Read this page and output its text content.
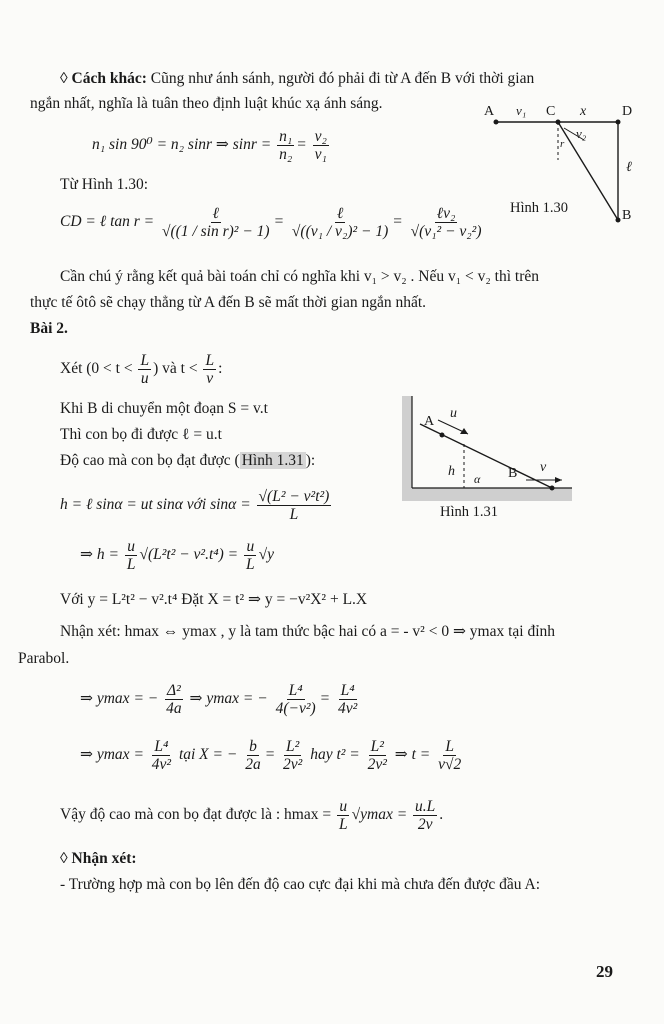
◊ Cách khác: Cũng như ánh sánh, người đó phải đi từ A đến B với thời gian
ngắn nhất, nghĩa là tuân theo định luật khúc xạ ánh sáng.	A v₁ C x	D
r
v₂
ℓ
B
Hình 1.30
n₁ sin 90⁰ = n₂ sinr ⇒ $\sin r = \frac{\text{n₁}}{\text{n₂}} = \frac{\text{v₂}}{\text{v₁}}$
Từ Hình 1.30:
CD = ℓ $\tan r = \frac{\text{ℓ}}{\text{√((1 / sin r)² − 1)}} = \frac{\text{ℓ}}{\text{√((v₁ / v₂)² − 1)}} = \frac{\text{ℓv₂}}{\text{√(v₁² − v₂²)}}$
Cần chú ý rằng kết quả bài toán chỉ có nghĩa khi v₁ > v₂ . Nếu v₁ < v₂ thì trên
thực tế ôtô sẽ chạy thẳng từ A đến B sẽ mất thời gian ngắn nhất.
Bài 2.
Xét ($0 < t < \frac{L}{u}$ ) và $t < \frac{L}{v}$ :
Khi B di chuyển một đoạn S = v.t
Thì con bọ đi được ℓ = u.t
Độ cao mà con bọ đạt được ( Hình 1.31 ):
A
u
h α B v
Hình 1.31
h = ℓ sinα = ut sinα với $\sin\alpha = \frac{\text{√(L² − v²t²)}}{L}$
⇒ $h = \frac{u}{L} √(L^2t^2 - v^2.t^4) = \frac{u}{L} √y$
Với y = L²t² − v².t⁴ Đặt X = t² ⇒ y = −v²X² + L.X
Nhận xét: hmax ⇔ ymax , y là tam thức bậc hai có a = - v² < 0 ⇒ ymax tại đỉnh
Parabol.
⇒ ymax = − $\frac{\text{Δ²}}{4a}$ ⇒ ymax = − $\frac{\text{L⁴}}{\text{4(−v²)}} = \frac{\text{L⁴}}{\text{4v²}}$
⇒ $ymax = \frac{\text{L⁴}}{\text{4v²}}$ tại X = − $\frac{b}{2a} = \frac{\text{L²}}{\text{2v²}}$ hay $t^2 = \frac{\text{L²}}{\text{2v²}}$ ⇒ $t = \frac{L}{v√2}$
Vậy độ cao mà con bọ đạt được là : $hmax = \frac{u}{L} √ymax = \frac{u.L}{2v}$ .
◊ Nhận xét:
- Trường hợp mà con bọ lên đến độ cao cực đại khi mà chưa đến được đầu A:
29
